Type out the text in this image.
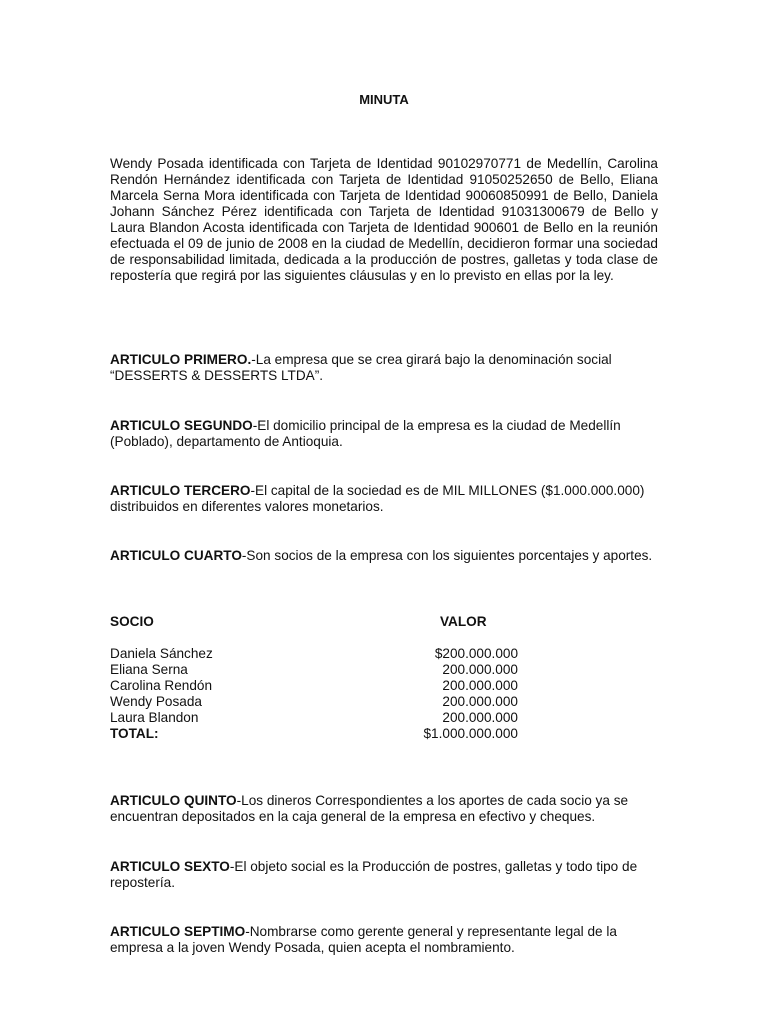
MINUTA

Wendy Posada identificada con Tarjeta de Identidad 90102970771 de Medellín, Carolina Rendón Hernández identificada con Tarjeta de Identidad 91050252650 de Bello, Eliana Marcela Serna Mora identificada con Tarjeta de Identidad 90060850991 de Bello, Daniela Johann Sánchez Pérez identificada con Tarjeta de Identidad 91031300679 de Bello y Laura Blandon Acosta identificada con Tarjeta de Identidad 900601 de Bello en la reunión efectuada el 09 de junio de 2008 en la ciudad de Medellín, decidieron formar una sociedad de responsabilidad limitada, dedicada a la producción de postres, galletas y toda clase de repostería que regirá por las siguientes cláusulas y en lo previsto en ellas por la ley.

ARTICULO PRIMERO.-La empresa que se crea girará bajo la denominación social “DESSERTS & DESSERTS LTDA”.

ARTICULO SEGUNDO-El domicilio principal de la empresa es la ciudad de Medellín (Poblado), departamento de Antioquia.

ARTICULO TERCERO-El capital de la sociedad es de MIL MILLONES ($1.000.000.000) distribuidos en diferentes valores monetarios.

ARTICULO CUARTO-Son socios de la empresa con los siguientes porcentajes y aportes.

SOCIO	VALOR
Daniela Sánchez	$200.000.000
Eliana Serna	200.000.000
Carolina Rendón	200.000.000
Wendy Posada	200.000.000
Laura Blandon	200.000.000
TOTAL:	$1.000.000.000

ARTICULO QUINTO-Los dineros Correspondientes a los aportes de cada socio ya se encuentran depositados en la caja general de la empresa en efectivo y cheques.

ARTICULO SEXTO-El objeto social es la Producción de postres, galletas y todo tipo de repostería.

ARTICULO SEPTIMO-Nombrarse como gerente general y representante legal de la empresa a la joven Wendy Posada, quien acepta el nombramiento.
